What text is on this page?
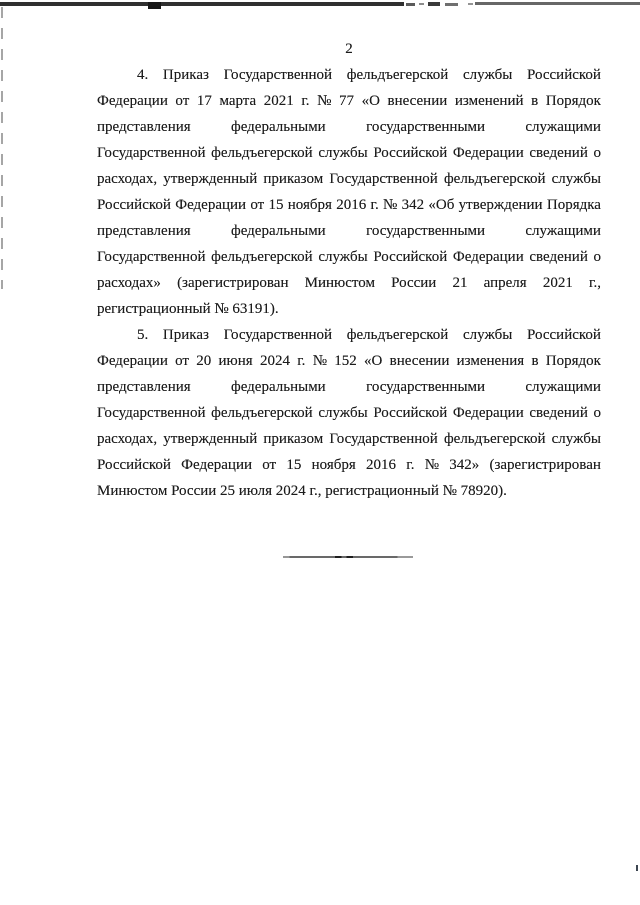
2
4. Приказ Государственной фельдъегерской службы Российской
Федерации от 17 марта 2021 г. № 77 «О внесении изменений в Порядок
представления	федеральными	государственными	служащими
Государственной фельдъегерской службы Российской Федерации сведений о
расходах, утвержденный приказом Государственной фельдъегерской службы
Российской Федерации от 15 ноября 2016 г. № 342 «Об утверждении Порядка
представления	федеральными	государственными	служащими
Государственной фельдъегерской службы Российской Федерации сведений о
расходах» (зарегистрирован Минюстом России 21 апреля 2021 г.,
регистрационный № 63191).
5. Приказ Государственной фельдъегерской службы Российской
Федерации от 20 июня 2024 г. № 152 «О внесении изменения в Порядок
представления	федеральными	государственными	служащими
Государственной фельдъегерской службы Российской Федерации сведений о
расходах, утвержденный приказом Государственной фельдъегерской службы
Российской Федерации от 15 ноября 2016 г. № 342» (зарегистрирован
Минюстом России 25 июля 2024 г., регистрационный № 78920).
